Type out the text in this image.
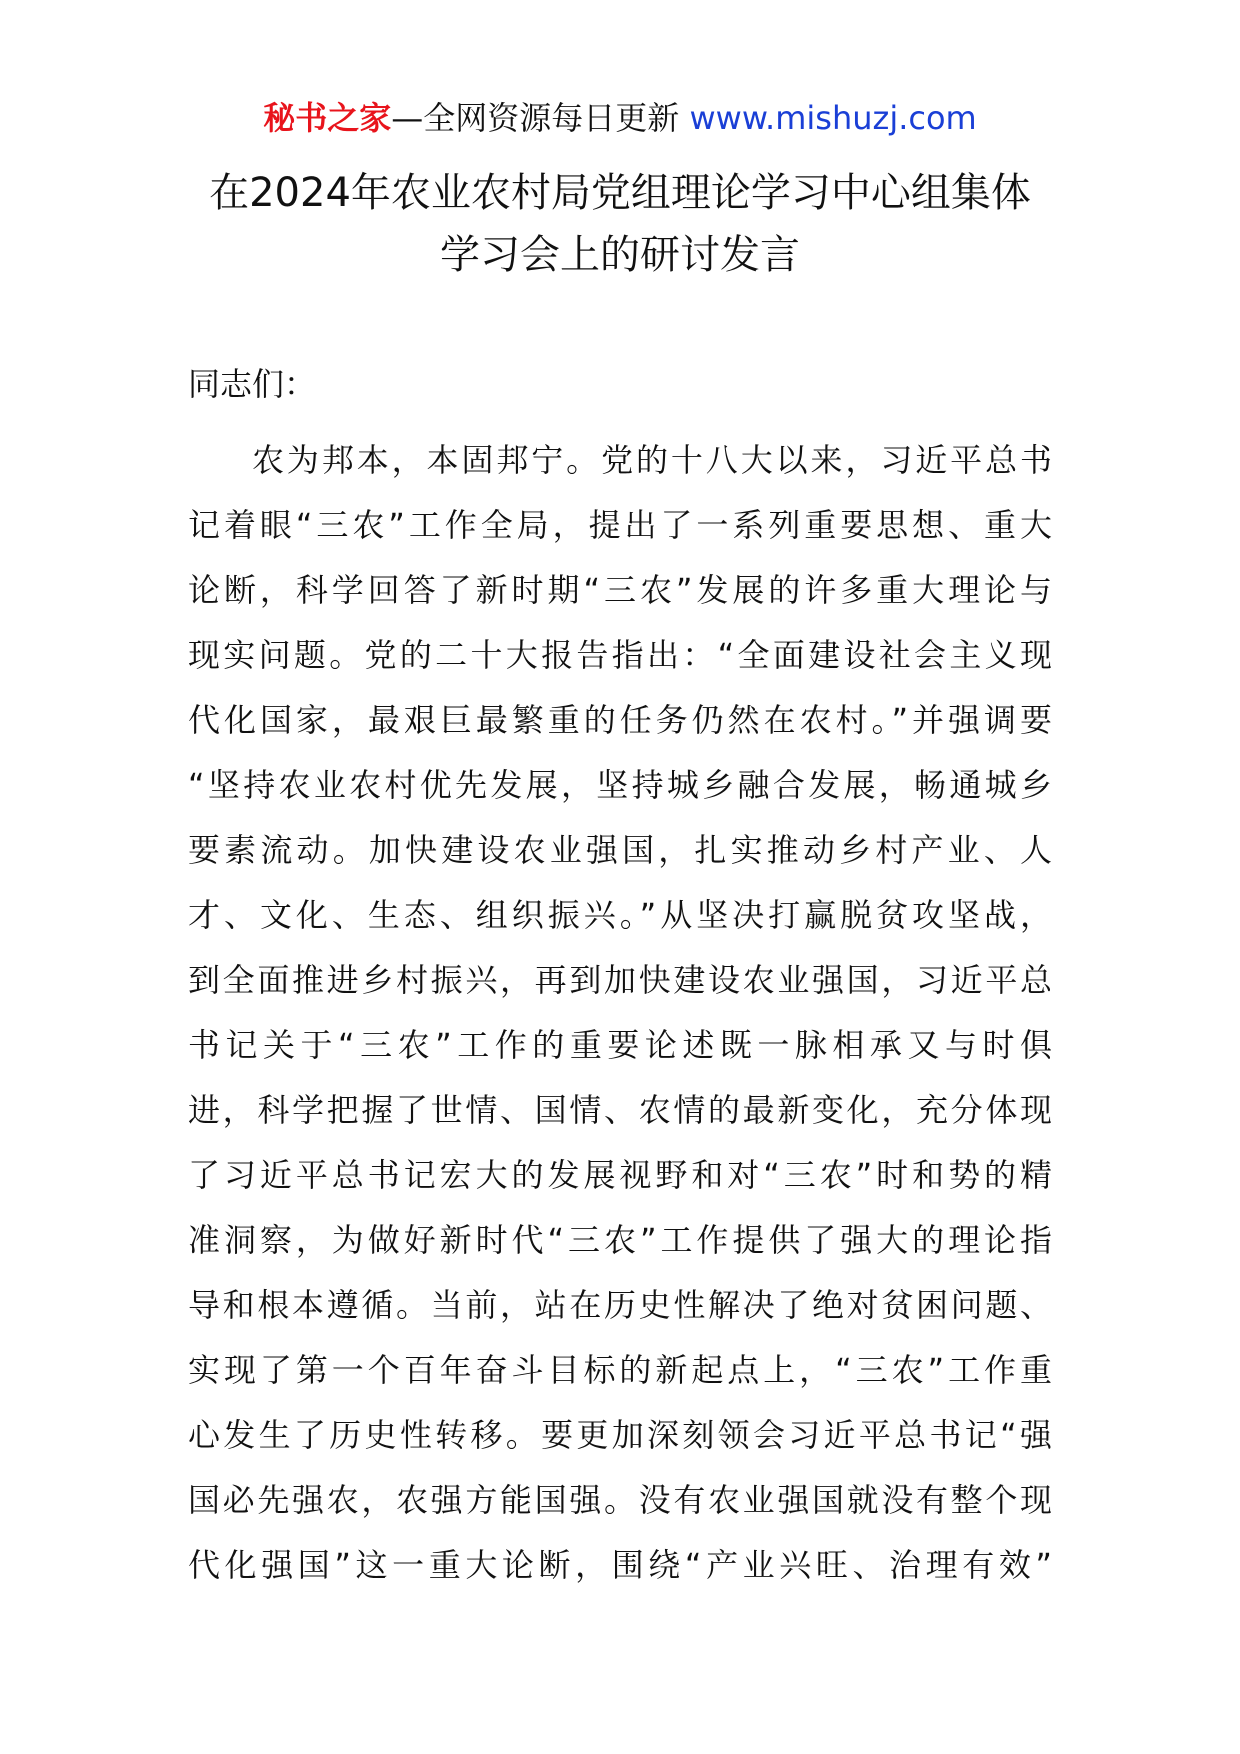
秘书之家—全网资源每日更新 www.mishuzj.com
在2024年农业农村局党组理论学习中心组集体
学习会上的研讨发言
同志们：
农为邦本，本固邦宁。党的十八大以来，习近平总书
记着眼“三农”工作全局，提出了一系列重要思想、重大
论断，科学回答了新时期“三农”发展的许多重大理论与
现实问题。党的二十大报告指出：“全面建设社会主义现
代化国家，最艰巨最繁重的任务仍然在农村。”并强调要
“坚持农业农村优先发展，坚持城乡融合发展，畅通城乡
要素流动。加快建设农业强国，扎实推动乡村产业、人
才、文化、生态、组织振兴。”从坚决打赢脱贫攻坚战，
到全面推进乡村振兴，再到加快建设农业强国，习近平总
书记关于“三农”工作的重要论述既一脉相承又与时俱
进，科学把握了世情、国情、农情的最新变化，充分体现
了习近平总书记宏大的发展视野和对“三农”时和势的精
准洞察，为做好新时代“三农”工作提供了强大的理论指
导和根本遵循。当前，站在历史性解决了绝对贫困问题、
实现了第一个百年奋斗目标的新起点上，“三农”工作重
心发生了历史性转移。要更加深刻领会习近平总书记“强
国必先强农，农强方能国强。没有农业强国就没有整个现
代化强国”这一重大论断，围绕“产业兴旺、治理有效”
